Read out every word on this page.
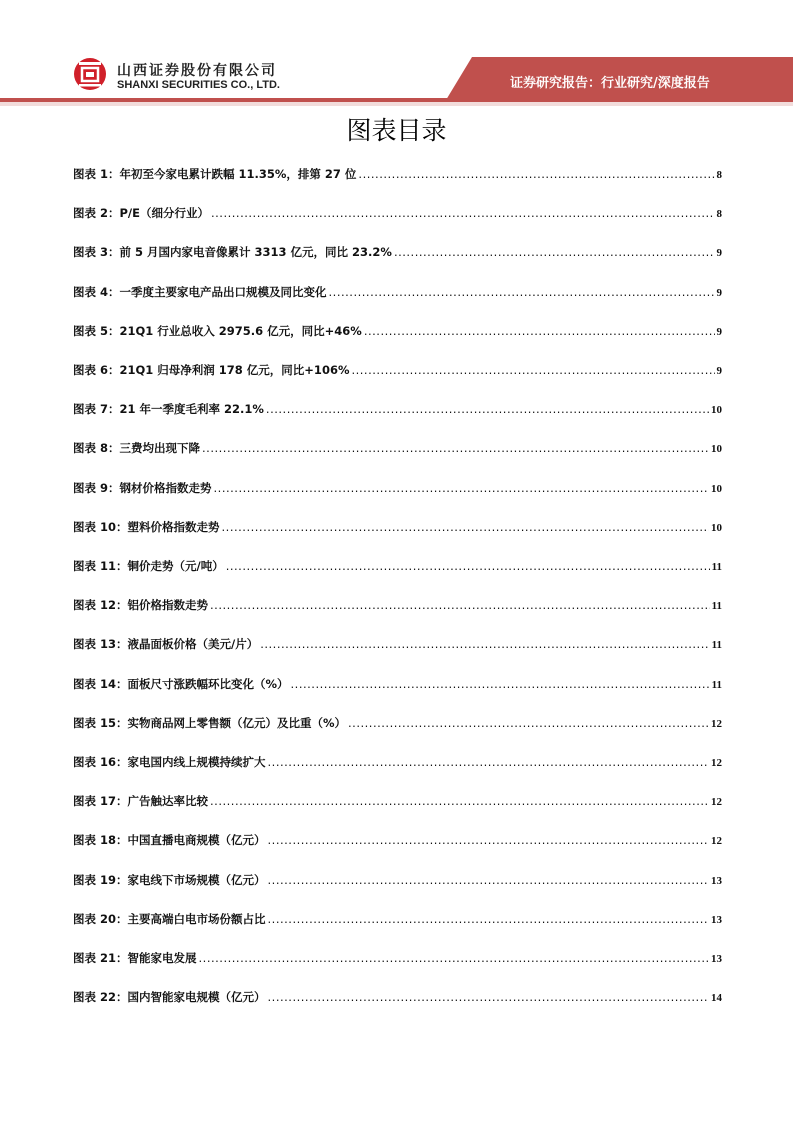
山西证券股份有限公司
SHANXI SECURITIES CO., LTD.	证券研究报告：行业研究/深度报告
图表目录
图表 1：年初至今家电累计跌幅 11.35%，排第 27 位 .....	8
图表 2：P/E（细分行业） .....	8
图表 3：前 5 月国内家电音像累计 3313 亿元，同比 23.2% .....	9
图表 4：一季度主要家电产品出口规模及同比变化 .....	9
图表 5：21Q1 行业总收入 2975.6 亿元，同比+46% .....	9
图表 6：21Q1 归母净利润 178 亿元，同比+106% .....	9
图表 7：21 年一季度毛利率 22.1% .....	10
图表 8：三费均出现下降 .....	10
图表 9：钢材价格指数走势 .....	10
图表 10：塑料价格指数走势 .....	10
图表 11：铜价走势（元/吨） .....	11
图表 12：铝价格指数走势 .....	11
图表 13：液晶面板价格（美元/片） .....	11
图表 14：面板尺寸涨跌幅环比变化（%） .....	11
图表 15：实物商品网上零售额（亿元）及比重（%） .....	12
图表 16：家电国内线上规模持续扩大 .....	12
图表 17：广告触达率比较 .....	12
图表 18：中国直播电商规模（亿元） .....	12
图表 19：家电线下市场规模（亿元） .....	13
图表 20：主要高端白电市场份额占比 .....	13
图表 21：智能家电发展 .....	13
图表 22：国内智能家电规模（亿元） .....	14
